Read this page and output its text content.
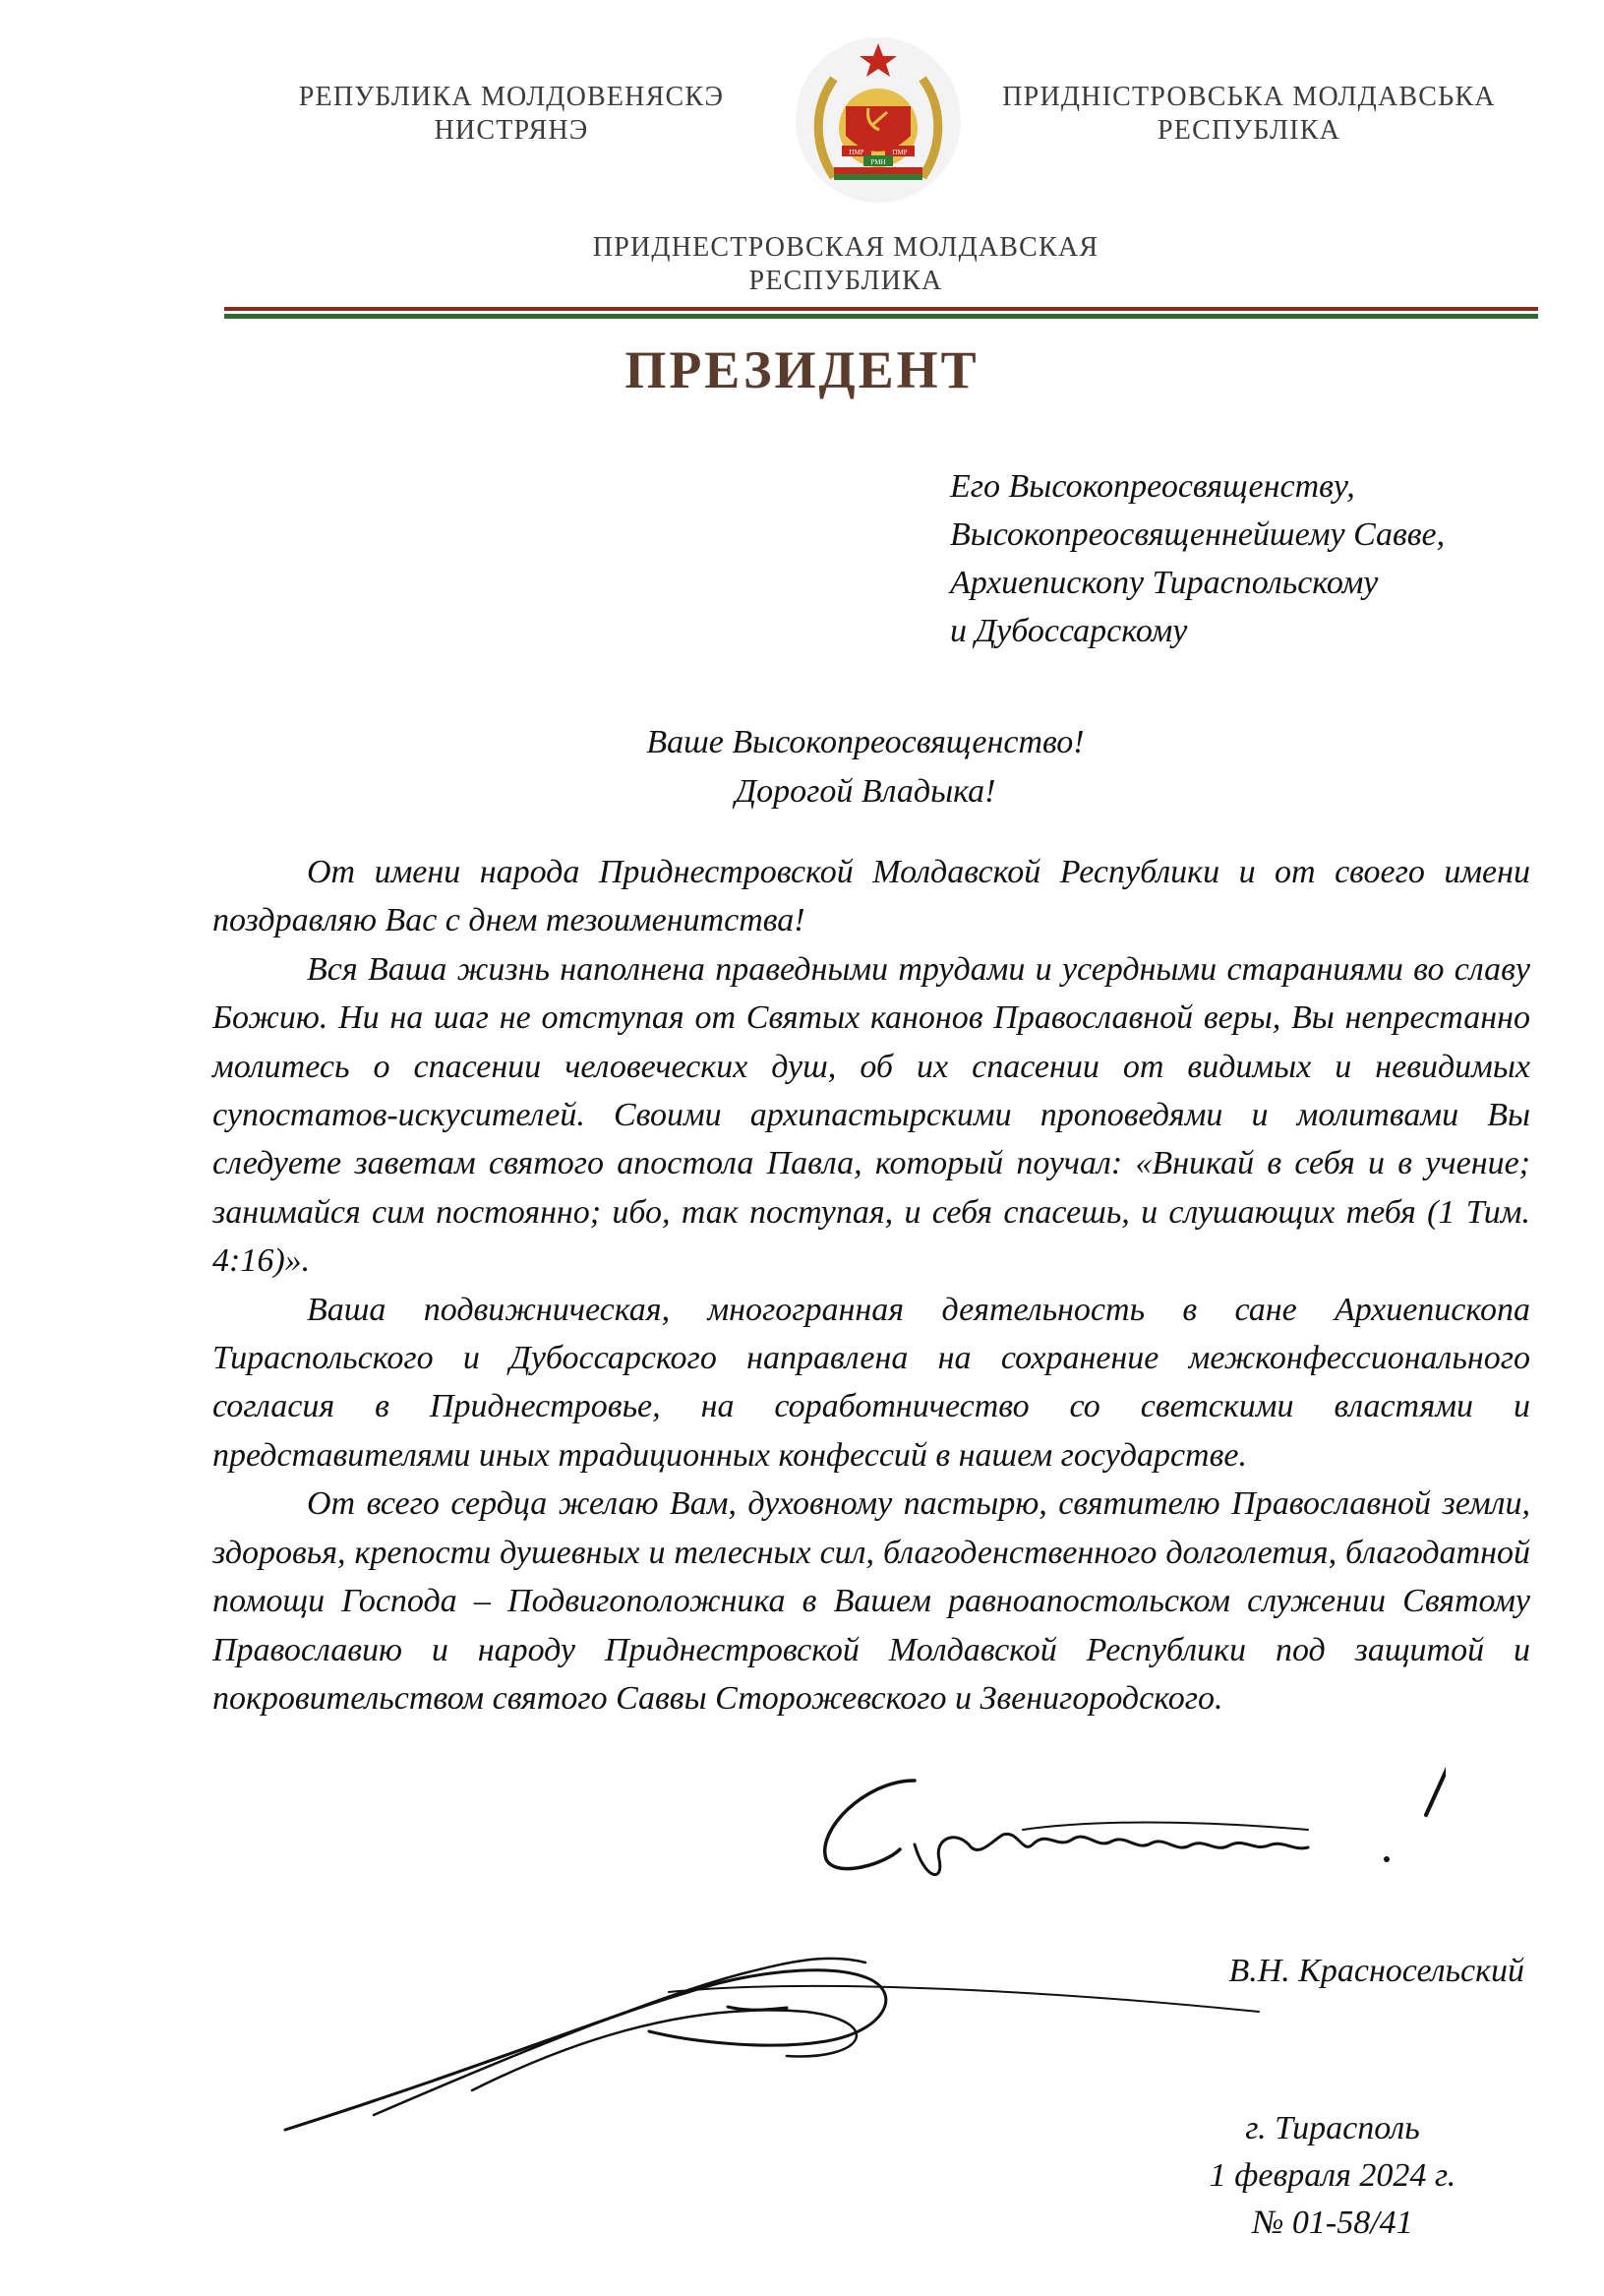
РЕПУБЛИКА МОЛДОВЕНЯСКЭ
НИСТРЯНЭ
ПМР
РМН
ПМР
ПРИДНІСТРОВСЬКА МОЛДАВСЬКА
РЕСПУБЛІКА
ПРИДНЕСТРОВСКАЯ МОЛДАВСКАЯ
РЕСПУБЛИКА
ПРЕЗИДЕНТ
Его Высокопреосвященству,
Высокопреосвященнейшему Савве,
Архиепископу Тираспольскому
и Дубоссарскому
Ваше Высокопреосвященство!
Дорогой Владыка!

От имени народа Приднестровской Молдавской Республики и от своего имени поздравляю Вас с днем тезоименитства!

Вся Ваша жизнь наполнена праведными трудами и усердными стараниями во славу Божию. Ни на шаг не отступая от Святых канонов Православной веры, Вы непрестанно молитесь о спасении человеческих душ, об их спасении от видимых и невидимых супостатов-искусителей. Своими архипастырскими проповедями и молитвами Вы следуете заветам святого апостола Павла, который поучал: «Вникай в себя и в учение; занимайся сим постоянно; ибо, так поступая, и себя спасешь, и слушающих тебя (1 Тим. 4:16)».

Ваша подвижническая, многогранная деятельность в сане Архиепископа Тираспольского и Дубоссарского направлена на сохранение межконфессионального согласия в Приднестровье, на соработничество со светскими властями и представителями иных традиционных конфессий в нашем государстве.

От всего сердца желаю Вам, духовному пастырю, святителю Православной земли, здоровья, крепости душевных и телесных сил, благоденственного долголетия, благодатной помощи Господа – Подвигоположника в Вашем равноапостольском служении Святому Православию и народу Приднестровской Молдавской Республики под защитой и покровительством святого Саввы Сторожевского и Звенигородского.

В.Н. Красносельский
г. Тирасполь
1 февраля 2024 г.
№ 01-58/41
